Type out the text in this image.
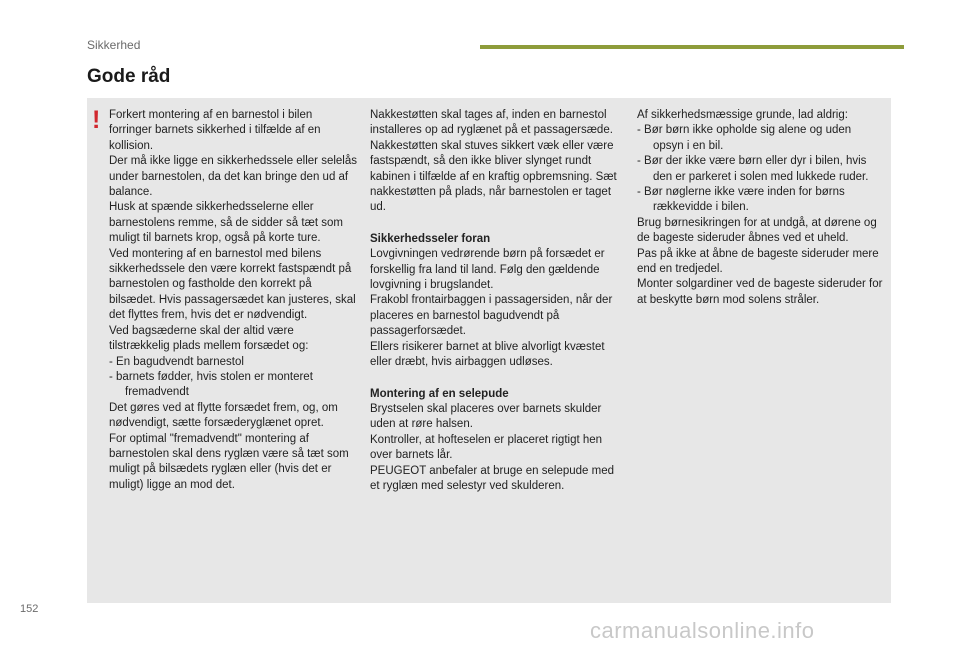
Sikkerhed
Gode råd
! Forkert montering af en barnestol i bilen forringer barnets sikkerhed i tilfælde af en kollision.

Der må ikke ligge en sikkerhedssele eller selelås under barnestolen, da det kan bringe den ud af balance.

Husk at spænde sikkerhedsselerne eller barnestolens remme, så de sidder så tæt som muligt til barnets krop, også på korte ture.

Ved montering af en barnestol med bilens sikkerhedssele den være korrekt fastspændt på barnestolen og fastholde den korrekt på bilsædet. Hvis passagersædet kan justeres, skal det flyttes frem, hvis det er nødvendigt.

Ved bagsæderne skal der altid være tilstrækkelig plads mellem forsædet og:

- En bagudvendt barnestol

- barnets fødder, hvis stolen er monteret fremadvendt

Det gøres ved at flytte forsædet frem, og, om nødvendigt, sætte forsæderyglænet opret.

For optimal "fremadvendt" montering af barnestolen skal dens ryglæn være så tæt som muligt på bilsædets ryglæn eller (hvis det er muligt) ligge an mod det.

Nakkestøtten skal tages af, inden en barnestol installeres op ad ryglænet på et passagersæde.

Nakkestøtten skal stuves sikkert væk eller være fastspændt, så den ikke bliver slynget rundt kabinen i tilfælde af en kraftig opbremsning. Sæt nakkestøtten på plads, når barnestolen er taget ud.

Sikkerhedsseler foran

Lovgivningen vedrørende børn på forsædet er forskellig fra land til land. Følg den gældende lovgivning i brugslandet.

Frakobl frontairbaggen i passagersiden, når der placeres en barnestol bagudvendt på passagerforsædet.

Ellers risikerer barnet at blive alvorligt kvæstet eller dræbt, hvis airbaggen udløses.

Montering af en selepude

Brystselen skal placeres over barnets skulder uden at røre halsen.

Kontroller, at hofteselen er placeret rigtigt hen over barnets lår.

PEUGEOT anbefaler at bruge en selepude med et ryglæn med selestyr ved skulderen.

Af sikkerhedsmæssige grunde, lad aldrig:

- Bør børn ikke opholde sig alene og uden opsyn i en bil.

- Bør der ikke være børn eller dyr i bilen, hvis den er parkeret i solen med lukkede ruder.

- Bør nøglerne ikke være inden for børns rækkevidde i bilen.

Brug børnesikringen for at undgå, at dørene og de bageste sideruder åbnes ved et uheld.

Pas på ikke at åbne de bageste sideruder mere end en tredjedel.

Monter solgardiner ved de bageste sideruder for at beskytte børn mod solens stråler.

152
carmanualsonline.info
